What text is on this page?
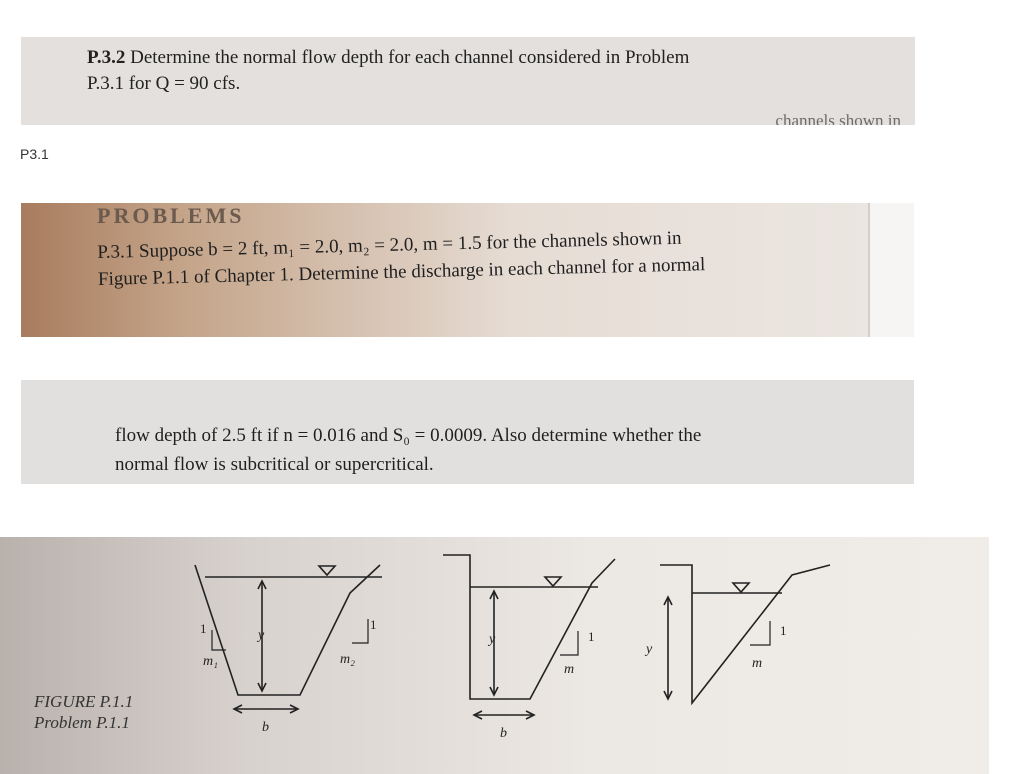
P.3.2 Determine the normal flow depth for each channel considered in Problem
P.3.1 for Q = 90 cfs.
channels shown in
P3.1
PROBLEMS
P.3.1 Suppose b = 2 ft, m₁ = 2.0, m₂ = 2.0, m = 1.5 for the channels shown in
Figure P.1.1 of Chapter 1. Determine the discharge in each channel for a normal
flow depth of 2.5 ft if n = 0.016 and S₀ = 0.0009. Also determine whether the
normal flow is subcritical or supercritical.
1
m₁
y
1
m₂
b
y	1
m
b
y
1
m
FIGURE P.1.1
Problem P.1.1
